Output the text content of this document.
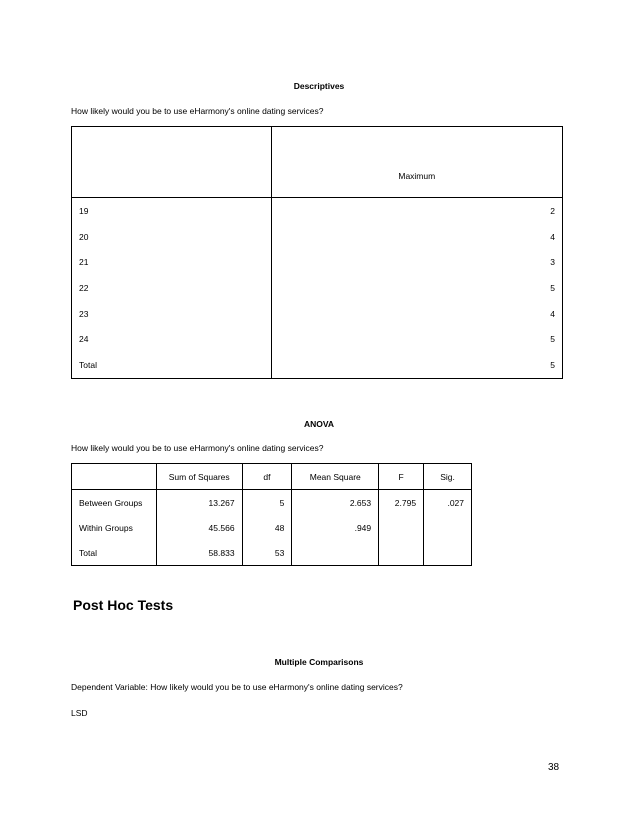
Descriptives
How likely would you be to use eHarmony's online dating services?
	Maximum
19	2
20	4
21	3
22	5
23	4
24	5
Total	5
ANOVA
How likely would you be to use eHarmony's online dating services?
	Sum of Squares	df	Mean Square	F	Sig.
Between Groups	13.267	5	2.653	2.795	.027
Within Groups	45.566	48	.949		
Total	58.833	53			
Post Hoc Tests
Multiple Comparisons
Dependent Variable: How likely would you be to use eHarmony's online dating services?
LSD
38
